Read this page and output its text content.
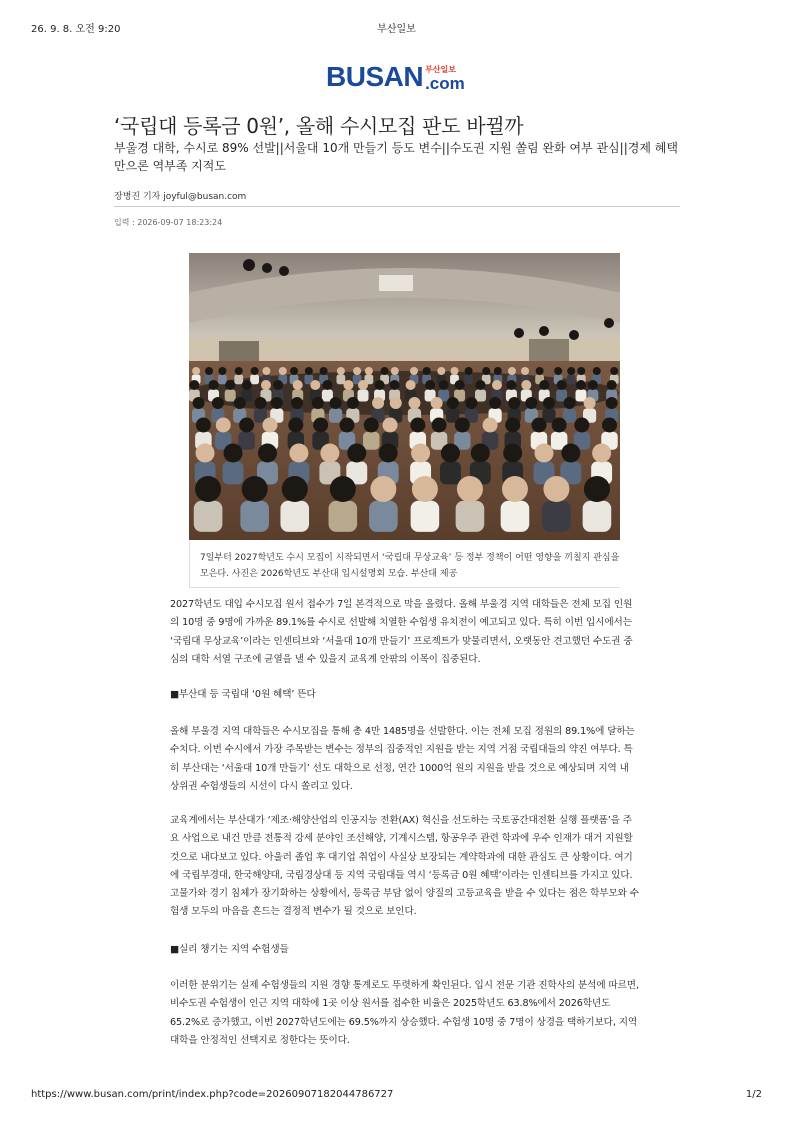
26. 9. 8. 오전 9:20	부산일보
BUSAN 부산일보
.com
‘국립대 등록금 0원’, 올해 수시모집 판도 바뀔까
부울경 대학, 수시로 89% 선발||서울대 10개 만들기 등도 변수||수도권 지원 쏠림 완화 여부 관심||경제 혜택만으론 역부족 지적도
장병진 기자 joyful@busan.com
입력 : 2026-09-07 18:23:24
7일부터 2027학년도 수시 모집이 시작되면서 ‘국립대 무상교육’ 등 정부 정책이 어떤 영향을 끼칠지 관심을 모은다. 사진은 2026학년도 부산대 입시설명회 모습. 부산대 제공
2027학년도 대입 수시모집 원서 접수가 7일 본격적으로 막을 올렸다. 올해 부울경 지역 대학들은 전체 모집 인원의 10명 중 9명에 가까운 89.1%를 수시로 선발해 치열한 수험생 유치전이 예고되고 있다. 특히 이번 입시에서는 ‘국립대 무상교육’이라는 인센티브와 ‘서울대 10개 만들기’ 프로젝트가 맞물리면서, 오랫동안 견고했던 수도권 중심의 대학 서열 구조에 균열을 낼 수 있을지 교육계 안팎의 이목이 집중된다.
■부산대 등 국립대 ‘0원 혜택’ 뜬다
올해 부울경 지역 대학들은 수시모집을 통해 총 4만 1485명을 선발한다. 이는 전체 모집 정원의 89.1%에 달하는 수치다. 이번 수시에서 가장 주목받는 변수는 정부의 집중적인 지원을 받는 지역 거점 국립대들의 약진 여부다. 특히 부산대는 ‘서울대 10개 만들기’ 선도 대학으로 선정, 연간 1000억 원의 지원을 받을 것으로 예상되며 지역 내 상위권 수험생들의 시선이 다시 쏠리고 있다.
교육계에서는 부산대가 ‘제조·해양산업의 인공지능 전환(AX) 혁신을 선도하는 국토공간대전환 실행 플랫폼’을 주요 사업으로 내건 만큼 전통적 강세 분야인 조선해양, 기계시스템, 항공우주 관련 학과에 우수 인재가 대거 지원할 것으로 내다보고 있다. 아울러 졸업 후 대기업 취업이 사실상 보장되는 계약학과에 대한 관심도 큰 상황이다. 여기에 국립부경대, 한국해양대, 국립경상대 등 지역 국립대들 역시 ‘등록금 0원 혜택’이라는 인센티브를 가지고 있다. 고물가와 경기 침체가 장기화하는 상황에서, 등록금 부담 없이 양질의 고등교육을 받을 수 있다는 점은 학부모와 수험생 모두의 마음을 흔드는 결정적 변수가 될 것으로 보인다.
■실리 챙기는 지역 수험생들
이러한 분위기는 실제 수험생들의 지원 경향 통계로도 뚜렷하게 확인된다. 입시 전문 기관 진학사의 분석에 따르면, 비수도권 수험생이 인근 지역 대학에 1곳 이상 원서를 접수한 비율은 2025학년도 63.8%에서 2026학년도 65.2%로 증가했고, 이번 2027학년도에는 69.5%까지 상승했다. 수험생 10명 중 7명이 상경을 택하기보다, 지역 대학을 안정적인 선택지로 정한다는 뜻이다.
https://www.busan.com/print/index.php?code=20260907182044786727	1/2
